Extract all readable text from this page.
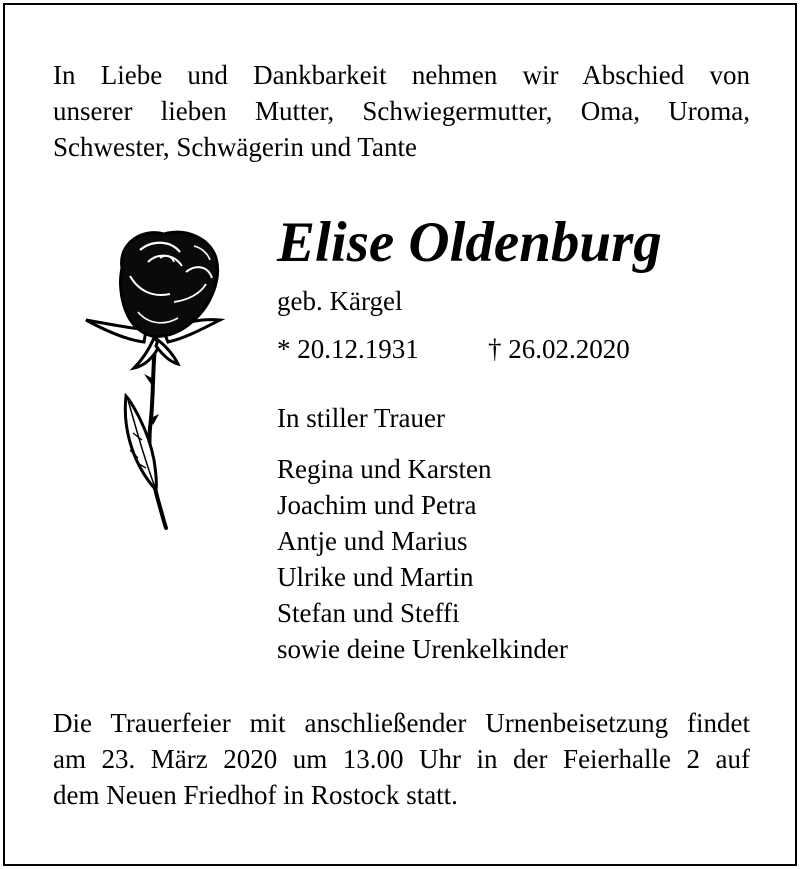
In Liebe und Dankbarkeit nehmen wir Abschied von
unserer lieben Mutter, Schwiegermutter, Oma, Uroma,
Schwester, Schwägerin und Tante
Elise Oldenburg
geb. Kärgel
* 20.12.1931	† 26.02.2020
In stiller Trauer
Regina und Karsten
Joachim und Petra
Antje und Marius
Ulrike und Martin
Stefan und Steffi
sowie deine Urenkelkinder
Die Trauerfeier mit anschließender Urnenbeisetzung findet
am 23. März 2020 um 13.00 Uhr in der Feierhalle 2 auf
dem Neuen Friedhof in Rostock statt.
